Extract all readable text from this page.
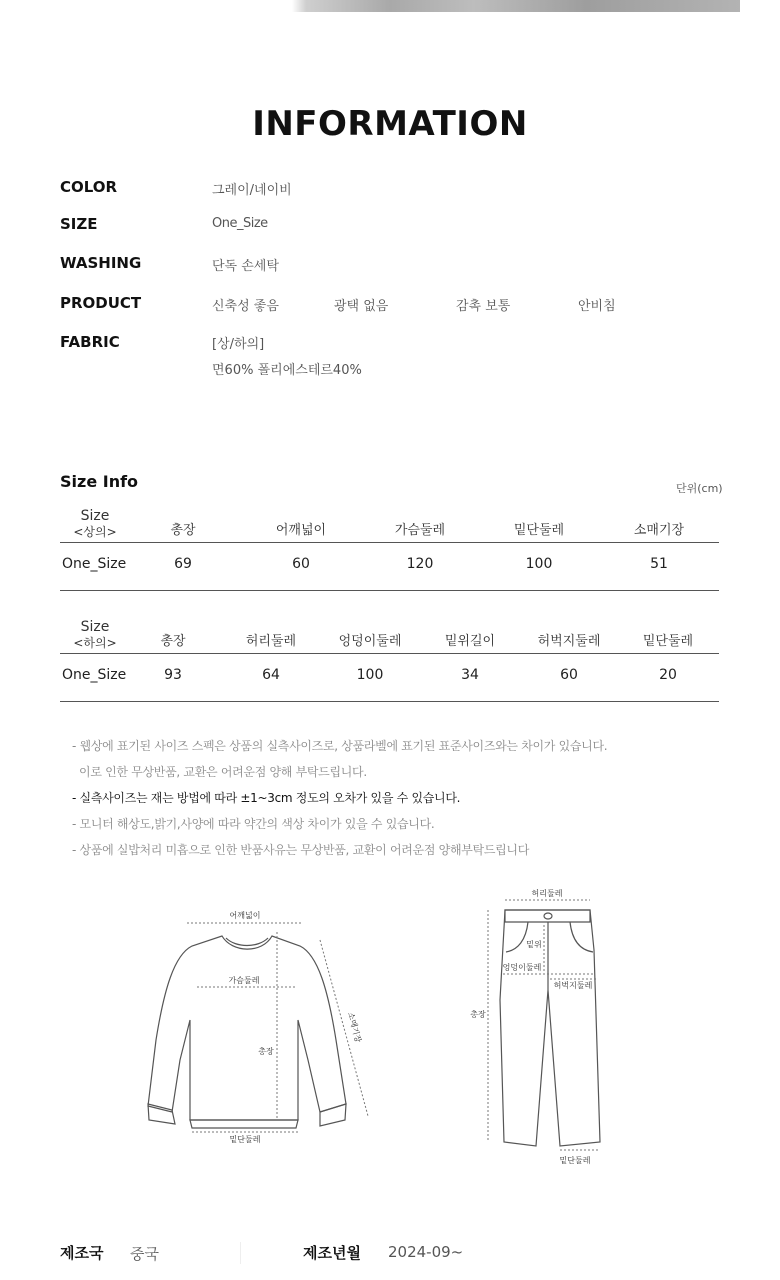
INFORMATION
COLOR	그레이/네이비
SIZE	One_Size
WASHING	단독 손세탁
PRODUCT	신축성 좋음	광택 없음	감촉 보통	안비침
FABRIC	[상/하의]
면60% 폴리에스테르40%
Size Info	단위(cm)
Size
<상의>	총장	어깨넓이	가슴둘레	밑단둘레	소매기장
One_Size	69	60	120	100	51
Size
<하의>	총장	허리둘레	엉덩이둘레	밑위길이	허벅지둘레	밑단둘레
One_Size	93	64	100	34	60	20
- 웹상에 표기된 사이즈 스펙은 상품의 실측사이즈로, 상품라벨에 표기된 표준사이즈와는 차이가 있습니다.
이로 인한 무상반품, 교환은 어려운점 양해 부탁드립니다.
- 실측사이즈는 재는 방법에 따라 ±1~3cm 정도의 오차가 있을 수 있습니다.
- 모니터 해상도,밝기,사양에 따라 약간의 색상 차이가 있을 수 있습니다.
- 상품에 실밥처리 미흡으로 인한 반품사유는 무상반품, 교환이 어려운점 양해부탁드립니다
어깨넓이
가슴둘레
총장
소매기장
밑단둘레
허리둘레
밑위
엉덩이둘레
허벅지둘레
총장
밑단둘레
제조국 중국	제조년월 2024-09~
